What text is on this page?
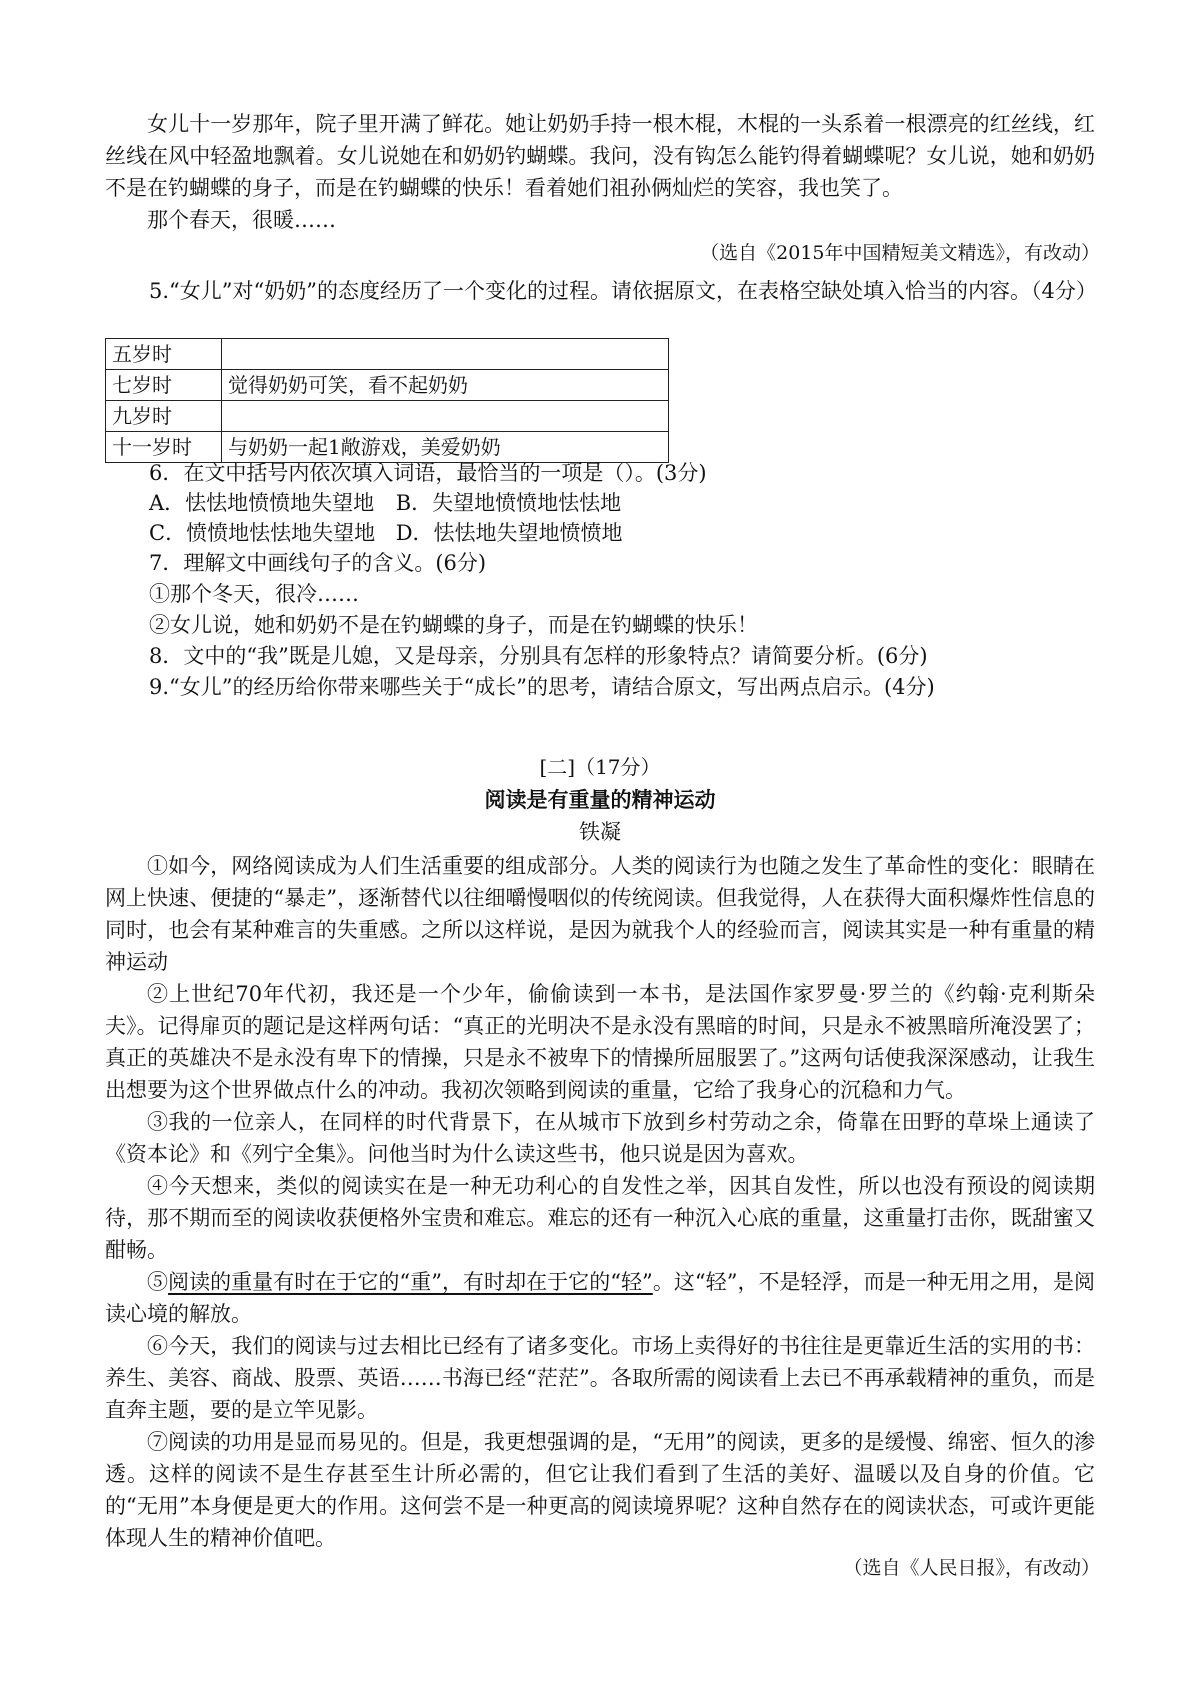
女儿十一岁那年，院子里开满了鲜花。她让奶奶手持一根木棍，木棍的一头系着一根漂亮的红丝线，红丝线在风中轻盈地飘着。女儿说她在和奶奶钓蝴蝶。我问，没有钩怎么能钓得着蝴蝶呢？女儿说，她和奶奶不是在钓蝴蝶的身子，而是在钓蝴蝶的快乐！看着她们祖孙俩灿烂的笑容，我也笑了。

那个春天，很暖……

（选自《2015年中国精短美文精选》，有改动）

5.“女儿”对“奶奶”的态度经历了一个变化的过程。请依据原文，在表格空缺处填入恰当的内容。（4分）

五岁时	
七岁时	觉得奶奶可笑，看不起奶奶
九岁时	
十一岁时	与奶奶一起1敞游戏，美爱奶奶

6．在文中括号内依次填入词语，最恰当的一项是（）。(3分)

A．怯怯地愤愤地失望地 B．失望地愤愤地怯怯地

C．愤愤地怯怯地失望地 D．怯怯地失望地愤愤地

7．理解文中画线句子的含义。(6分)

①那个冬天，很冷……

②女儿说，她和奶奶不是在钓蝴蝶的身子，而是在钓蝴蝶的快乐！

8．文中的“我”既是儿媳，又是母亲，分别具有怎样的形象特点？请简要分析。(6分)

9.“女儿”的经历给你带来哪些关于“成长”的思考，请结合原文，写出两点启示。(4分)

[二]（17分）

阅读是有重量的精神运动

铁凝

①如今，网络阅读成为人们生活重要的组成部分。人类的阅读行为也随之发生了革命性的变化：眼睛在网上快速、便捷的“暴走”，逐渐替代以往细嚼慢咽似的传统阅读。但我觉得，人在获得大面积爆炸性信息的同时，也会有某种难言的失重感。之所以这样说，是因为就我个人的经验而言，阅读其实是一种有重量的精神运动

②上世纪70年代初，我还是一个少年，偷偷读到一本书，是法国作家罗曼·罗兰的《约翰·克利斯朵夫》。记得扉页的题记是这样两句话：“真正的光明决不是永没有黑暗的时间，只是永不被黑暗所淹没罢了；真正的英雄决不是永没有卑下的情操，只是永不被卑下的情操所屈服罢了。”这两句话使我深深感动，让我生出想要为这个世界做点什么的冲动。我初次领略到阅读的重量，它给了我身心的沉稳和力气。

③我的一位亲人，在同样的时代背景下，在从城市下放到乡村劳动之余，倚靠在田野的草垛上通读了《资本论》和《列宁全集》。问他当时为什么读这些书，他只说是因为喜欢。

④今天想来，类似的阅读实在是一种无功利心的自发性之举，因其自发性，所以也没有预设的阅读期待，那不期而至的阅读收获便格外宝贵和难忘。难忘的还有一种沉入心底的重量，这重量打击你，既甜蜜又酣畅。

⑤阅读的重量有时在于它的“重”，有时却在于它的“轻”。这“轻”，不是轻浮，而是一种无用之用，是阅读心境的解放。

⑥今天，我们的阅读与过去相比已经有了诸多变化。市场上卖得好的书往往是更靠近生活的实用的书：养生、美容、商战、股票、英语……书海已经“茫茫”。各取所需的阅读看上去已不再承载精神的重负，而是直奔主题，要的是立竿见影。

⑦阅读的功用是显而易见的。但是，我更想强调的是，“无用”的阅读，更多的是缓慢、绵密、恒久的渗透。这样的阅读不是生存甚至生计所必需的，但它让我们看到了生活的美好、温暖以及自身的价值。它的“无用”本身便是更大的作用。这何尝不是一种更高的阅读境界呢？这种自然存在的阅读状态，可或许更能体现人生的精神价值吧。

（选自《人民日报》，有改动）
